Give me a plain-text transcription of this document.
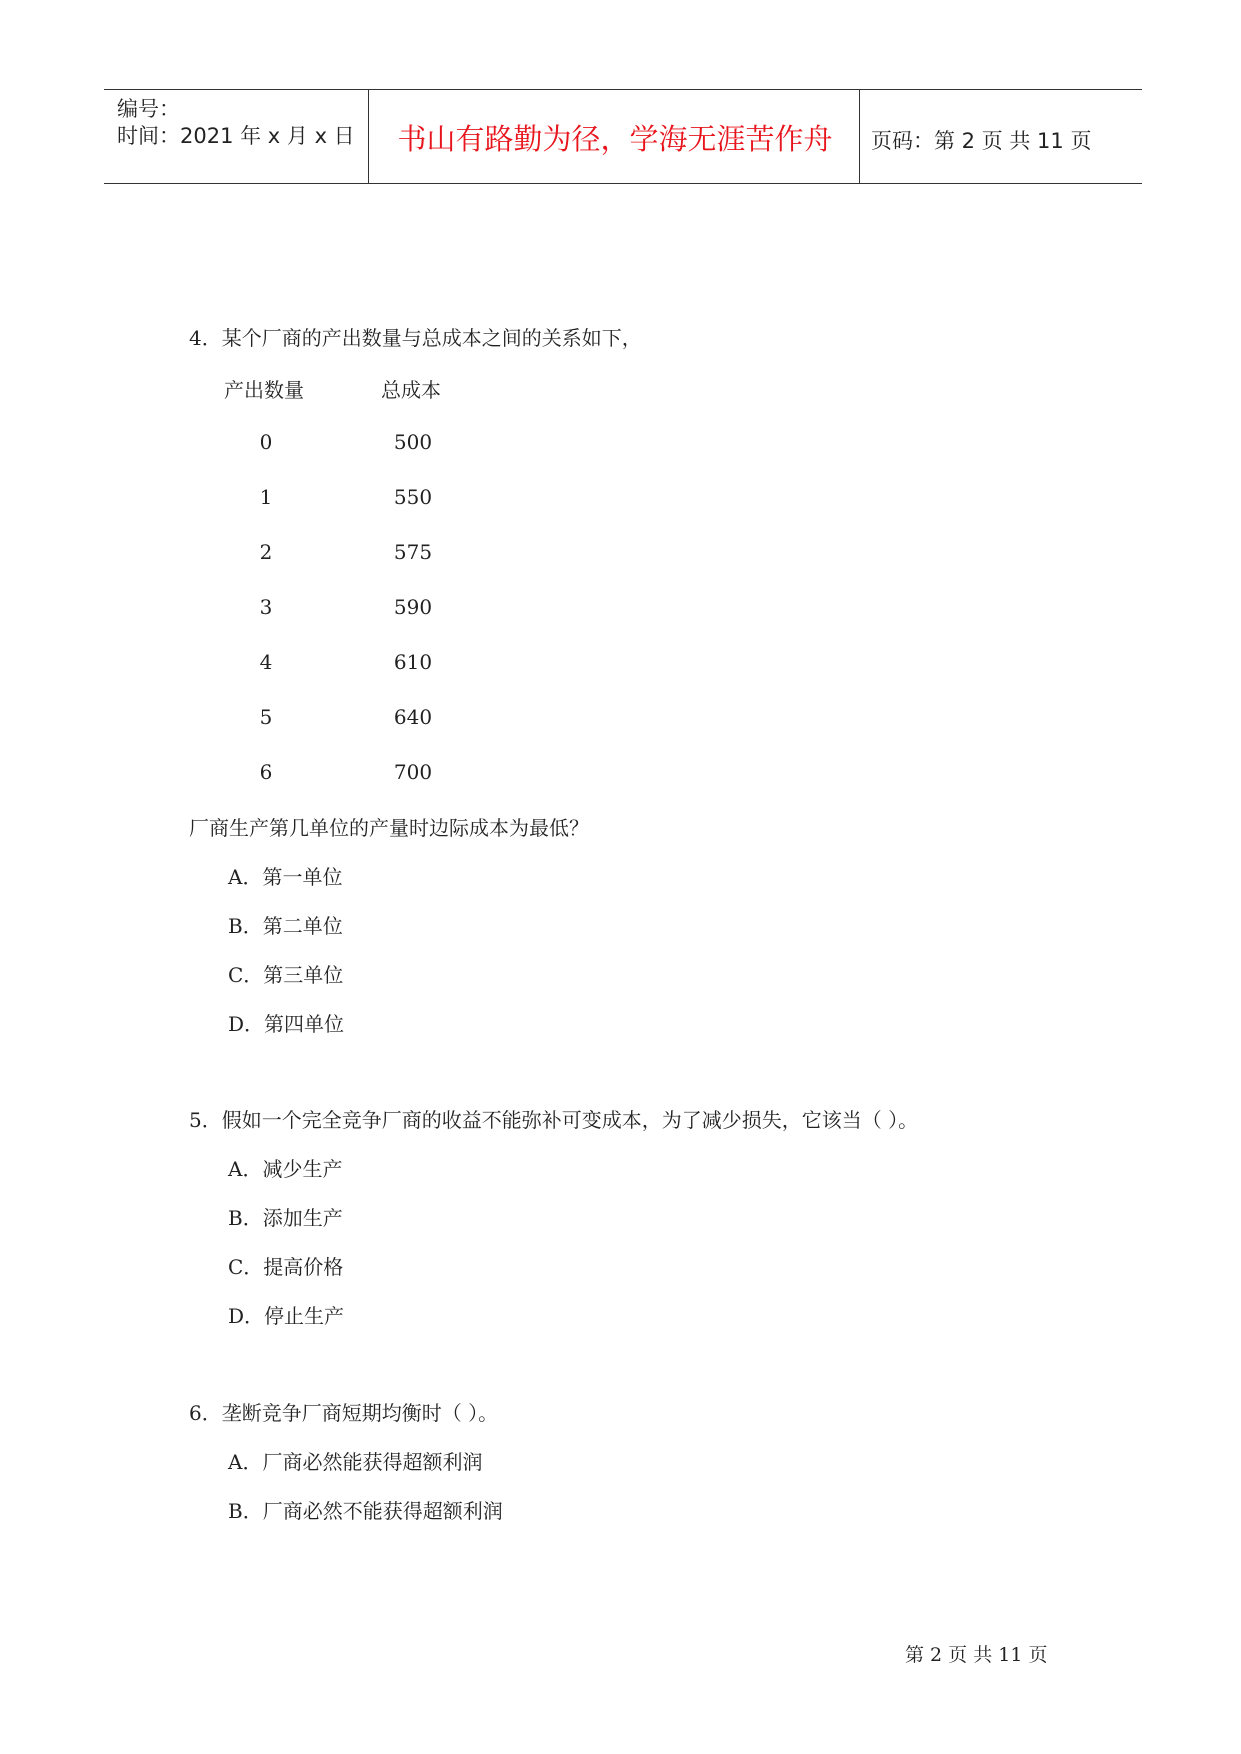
编号：
时间：2021 年 x 月 x 日	书山有路勤为径，学海无涯苦作舟	页码：第 2 页 共 11 页
4．某个厂商的产出数量与总成本之间的关系如下，
产出数量	总成本
0	500
1	550
2	575
3	590
4	610
5	640
6	700
厂商生产第几单位的产量时边际成本为最低？
A．第一单位
B．第二单位
C．第三单位
D．第四单位
5．假如一个完全竞争厂商的收益不能弥补可变成本，为了减少损失，它该当（ ）。
A．减少生产
B．添加生产
C．提高价格
D．停止生产
6．垄断竞争厂商短期均衡时（ ）。
A．厂商必然能获得超额利润
B．厂商必然不能获得超额利润
第 2 页 共 11 页
